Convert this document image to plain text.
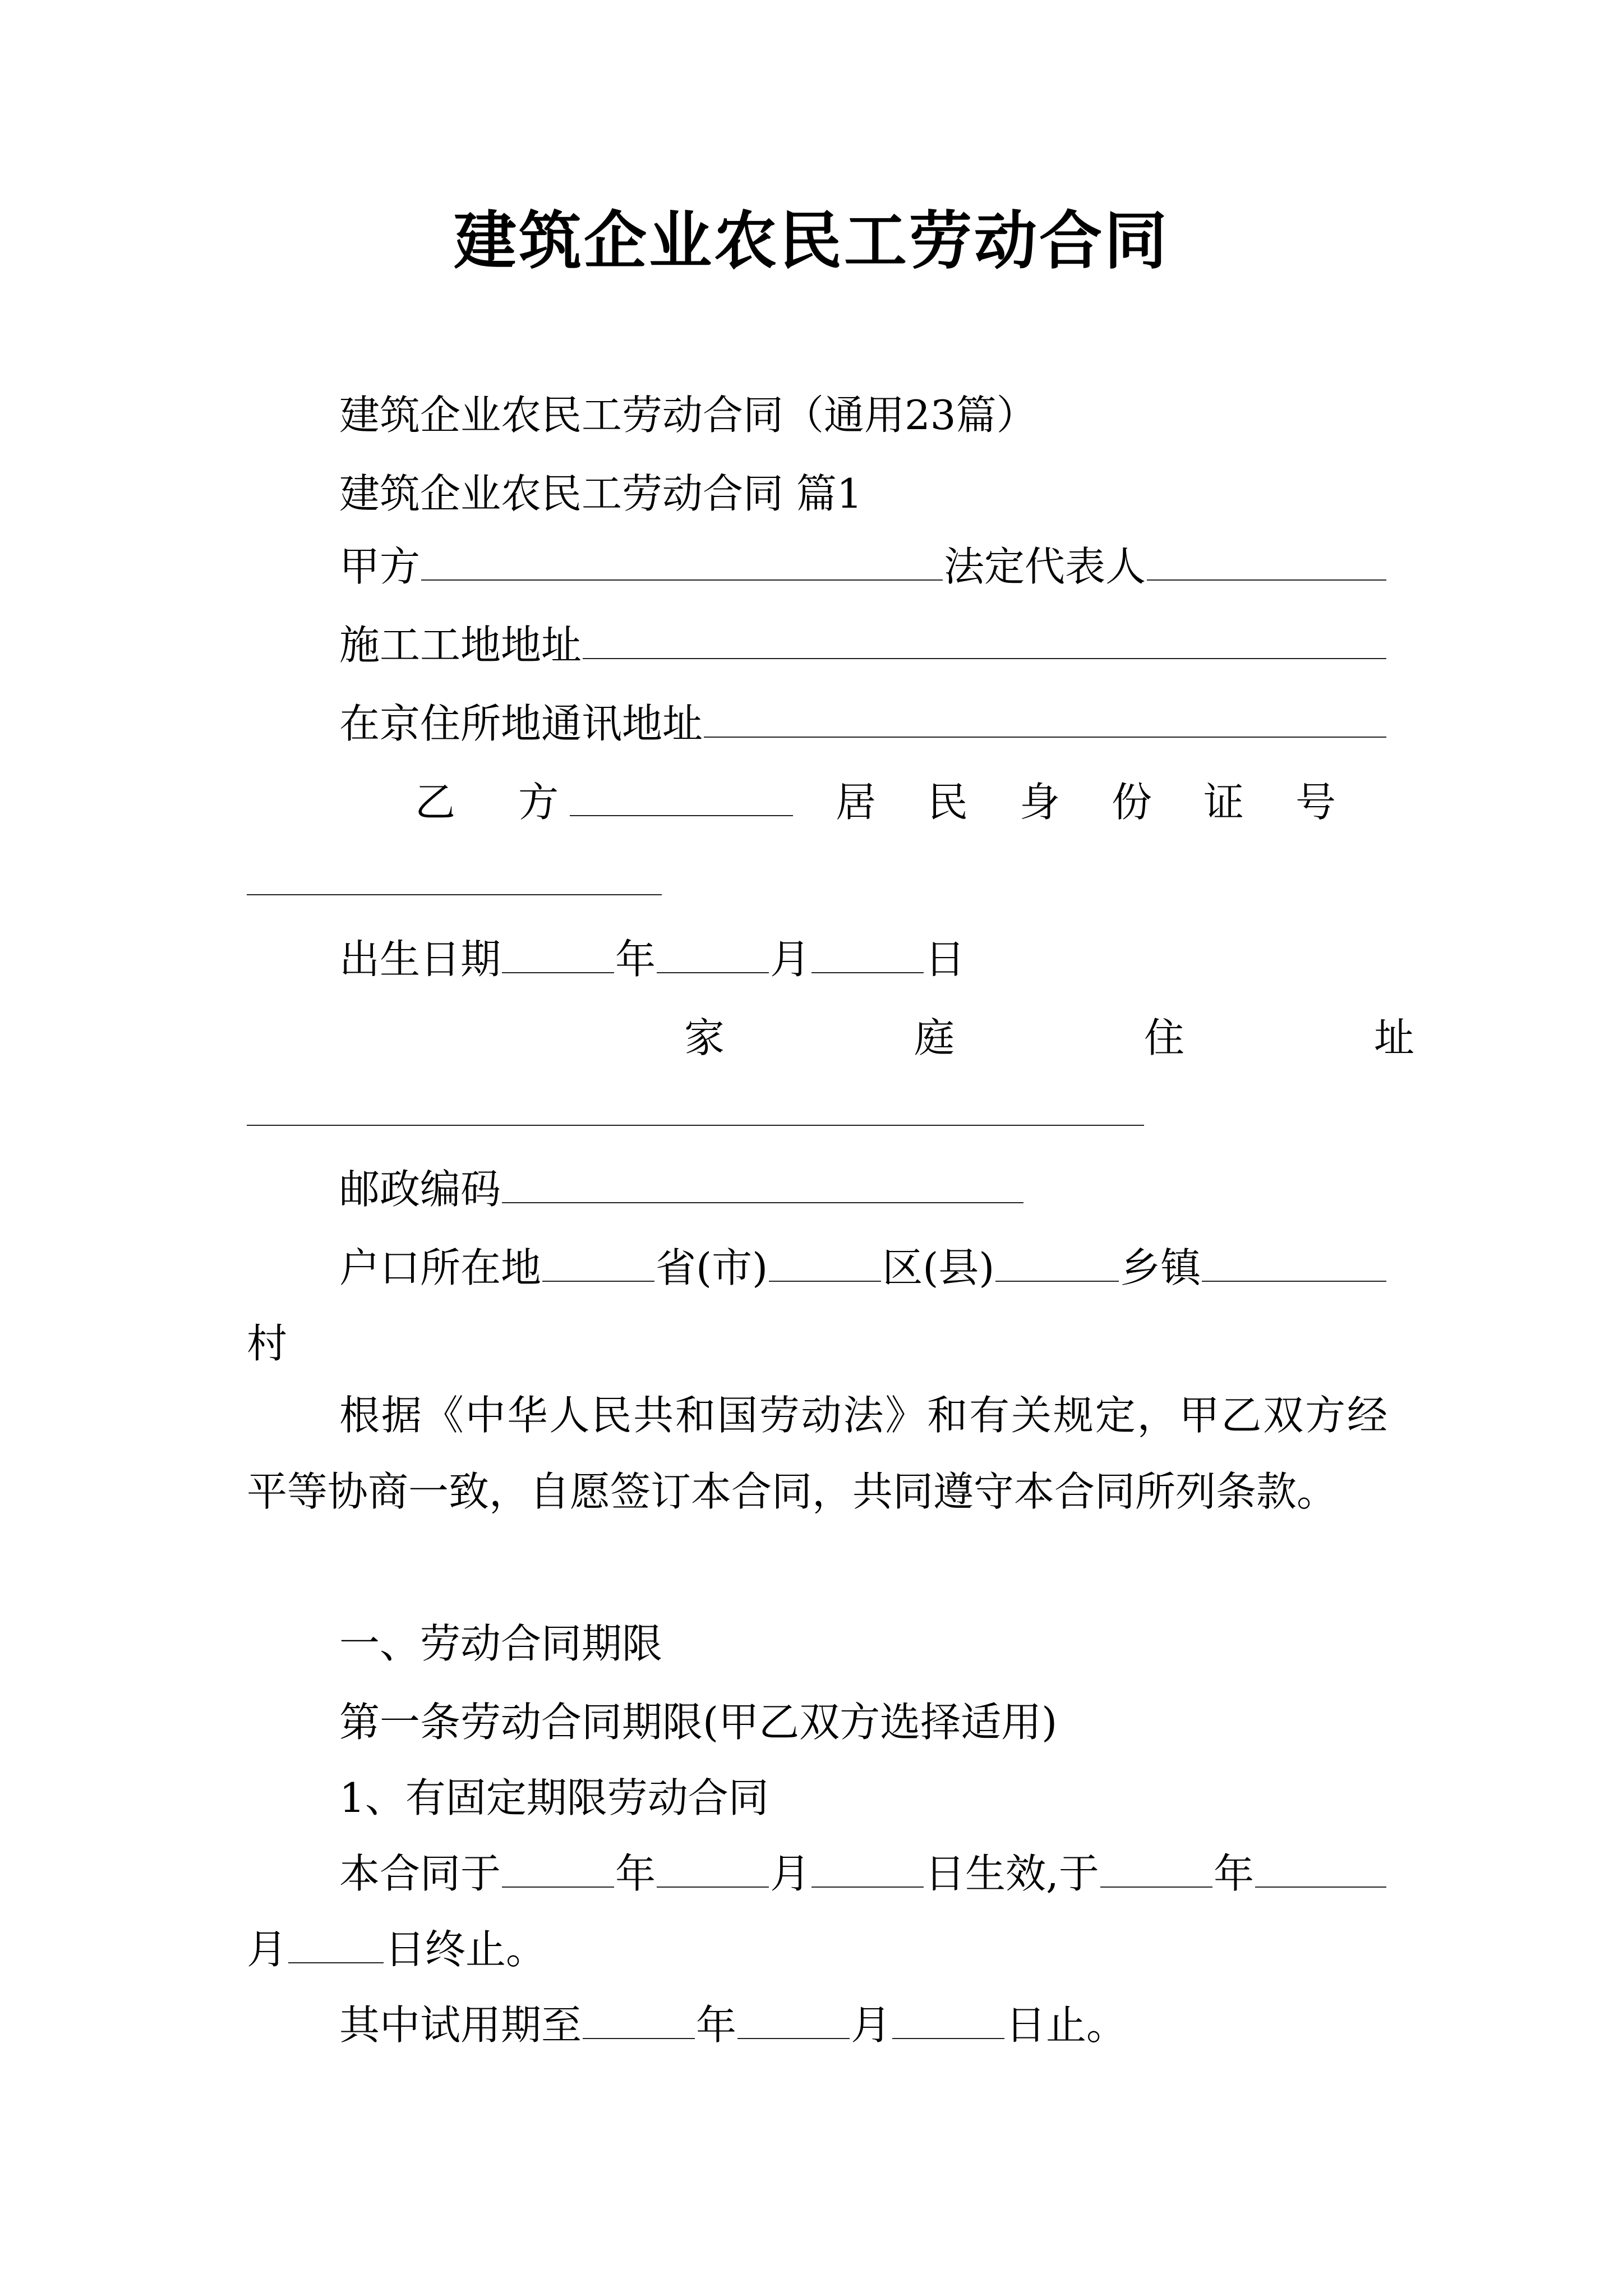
建筑企业农民工劳动合同
建筑企业农民工劳动合同（通用23篇）
建筑企业农民工劳动合同 篇1
甲方	法定代表人
施工工地地址
在京住所地通讯地址
乙　方	居民身份证号
出生日期	年	月	日
家庭住址
邮政编码
户口所在地	省(市)	区(县)	乡镇
村
根据《中华人民共和国劳动法》和有关规定，甲乙双方经平等协商一致，自愿签订本合同，共同遵守本合同所列条款。
一、劳动合同期限
第一条劳动合同期限(甲乙双方选择适用)
1、有固定期限劳动合同
本合同于	年	月	日生效,于	年
月 日终止。
其中试用期至	年	月	日止。
